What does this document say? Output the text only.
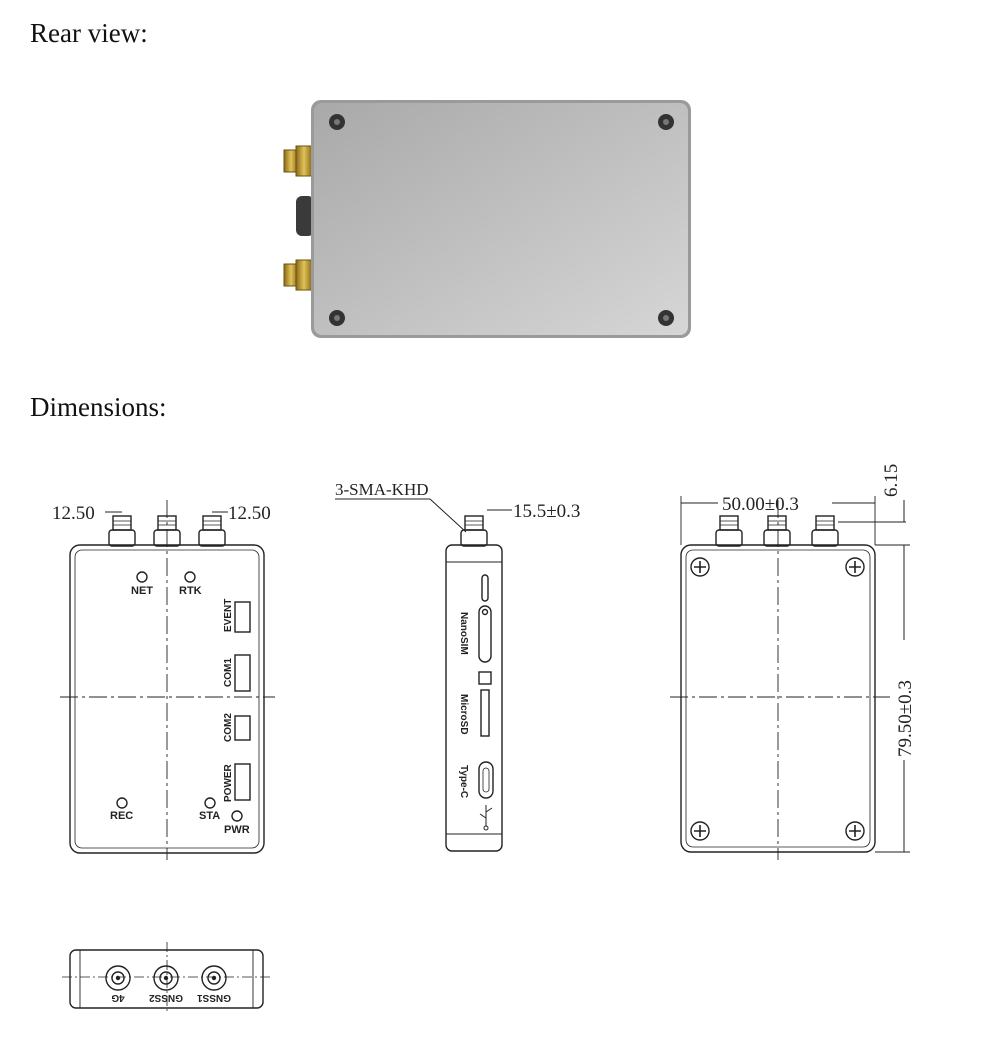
Rear view:
Dimensions:
12.50	12.50
NET RTK
REC	STA
PWR
EVENT
COM1
COM2
POWER
3-SMA-KHD
15.5±0.3
NanoSIM
MicroSD
Type-C
50.00±0.3
6.15
79.50±0.3
4G GNSS2 GNSS1
